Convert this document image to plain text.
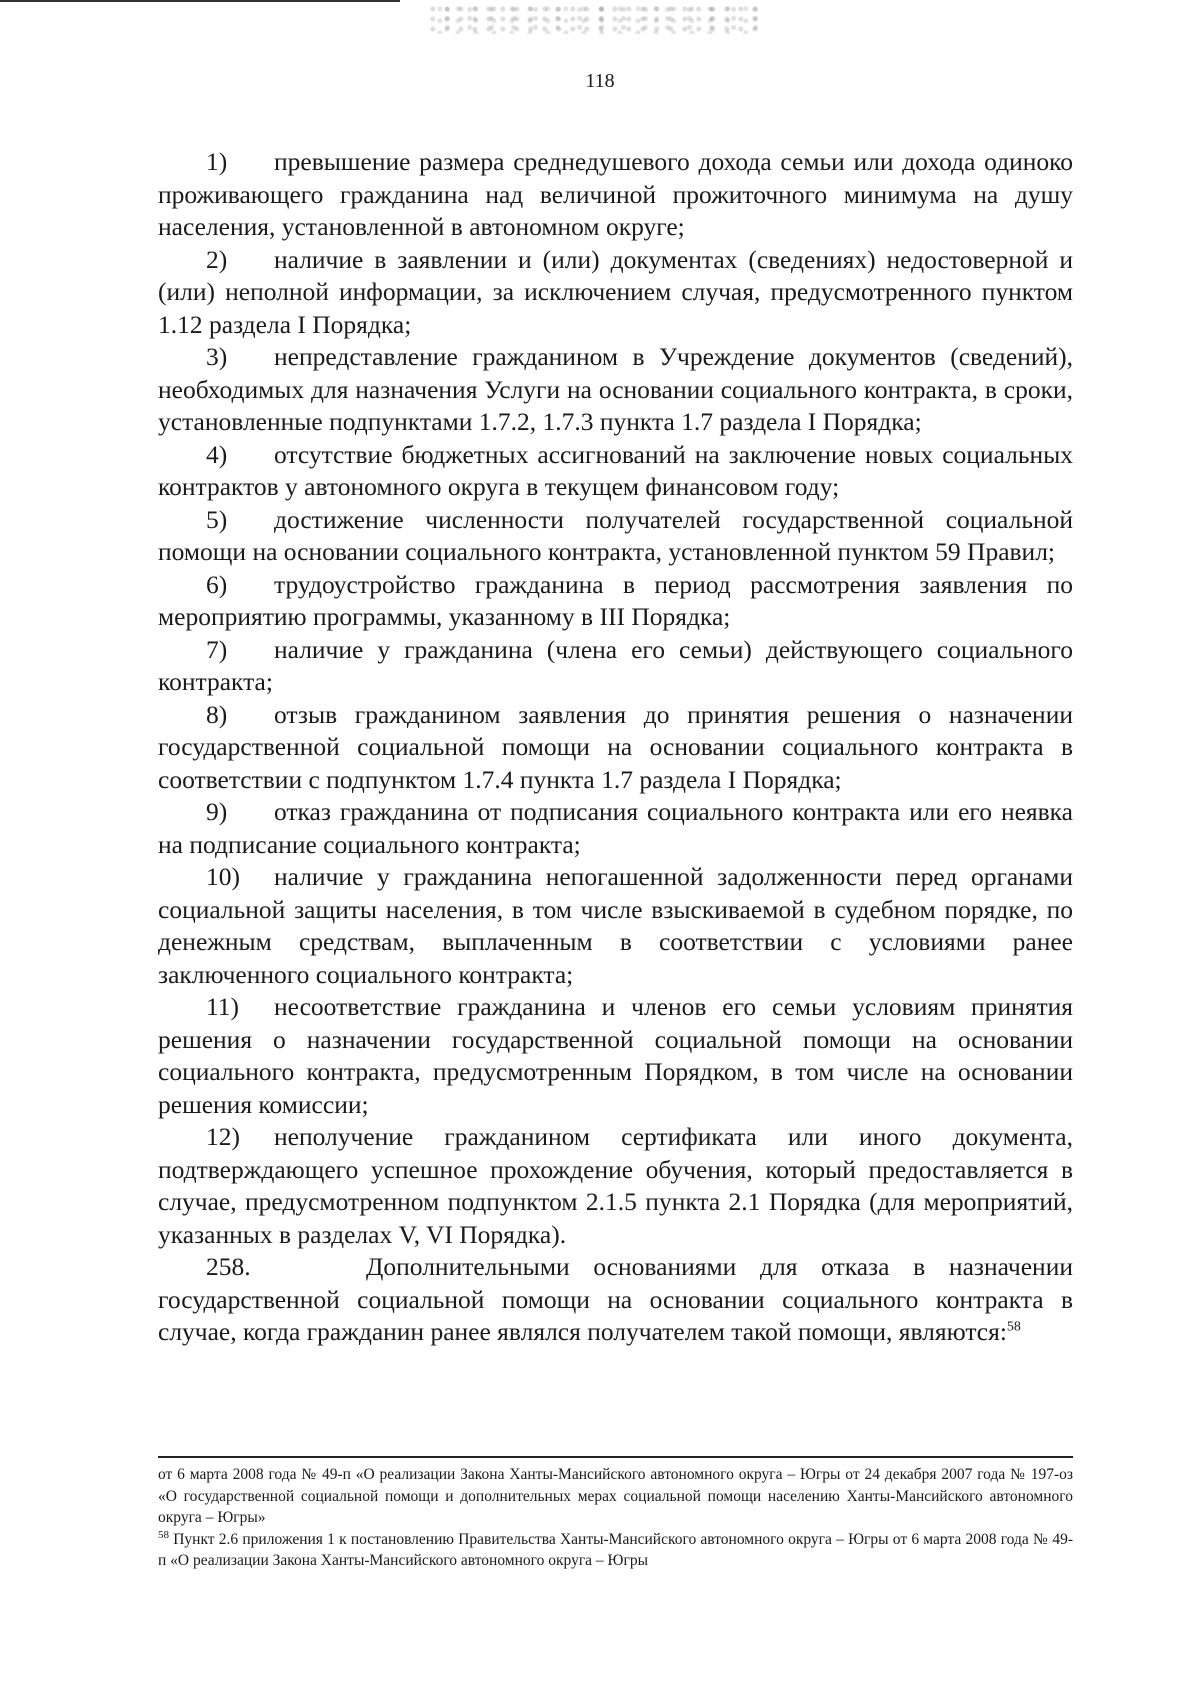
118

1) превышение размера среднедушевого дохода семьи или дохода одиноко проживающего гражданина над величиной прожиточного минимума на душу населения, установленной в автономном округе;

2) наличие в заявлении и (или) документах (сведениях) недостоверной и (или) неполной информации, за исключением случая, предусмотренного пунктом 1.12 раздела I Порядка;

3) непредставление гражданином в Учреждение документов (сведений), необходимых для назначения Услуги на основании социального контракта, в сроки, установленные подпунктами 1.7.2, 1.7.3 пункта 1.7 раздела I Порядка;

4) отсутствие бюджетных ассигнований на заключение новых социальных контрактов у автономного округа в текущем финансовом году;

5) достижение численности получателей государственной социальной помощи на основании социального контракта, установленной пунктом 59 Правил;

6) трудоустройство гражданина в период рассмотрения заявления по мероприятию программы, указанному в III Порядка;

7) наличие у гражданина (члена его семьи) действующего социального контракта;

8) отзыв гражданином заявления до принятия решения о назначении государственной социальной помощи на основании социального контракта в соответствии с подпунктом 1.7.4 пункта 1.7 раздела I Порядка;

9) отказ гражданина от подписания социального контракта или его неявка на подписание социального контракта;

10) наличие у гражданина непогашенной задолженности перед органами социальной защиты населения, в том числе взыскиваемой в судебном порядке, по денежным средствам, выплаченным в соответствии с условиями ранее заключенного социального контракта;

11) несоответствие гражданина и членов его семьи условиям принятия решения о назначении государственной социальной помощи на основании социального контракта, предусмотренным Порядком, в том числе на основании решения комиссии;

12) неполучение гражданином сертификата или иного документа, подтверждающего успешное прохождение обучения, который предоставляется в случае, предусмотренном подпунктом 2.1.5 пункта 2.1 Порядка (для мероприятий, указанных в разделах V, VI Порядка).

258.	Дополнительными основаниями для отказа в назначении государственной социальной помощи на основании социального контракта в случае, когда гражданин ранее являлся получателем такой помощи, являются:$^{58}$

от 6 марта 2008 года № 49-п «О реализации Закона Ханты-Мансийского автономного округа – Югры от 24 декабря 2007 года № 197-оз «О государственной социальной помощи и дополнительных мерах социальной помощи населению Ханты-Мансийского автономного округа – Югры»

$^{58}$ Пункт 2.6 приложения 1 к постановлению Правительства Ханты-Мансийского автономного округа – Югры от 6 марта 2008 года № 49-п «О реализации Закона Ханты-Мансийского автономного округа – Югры
